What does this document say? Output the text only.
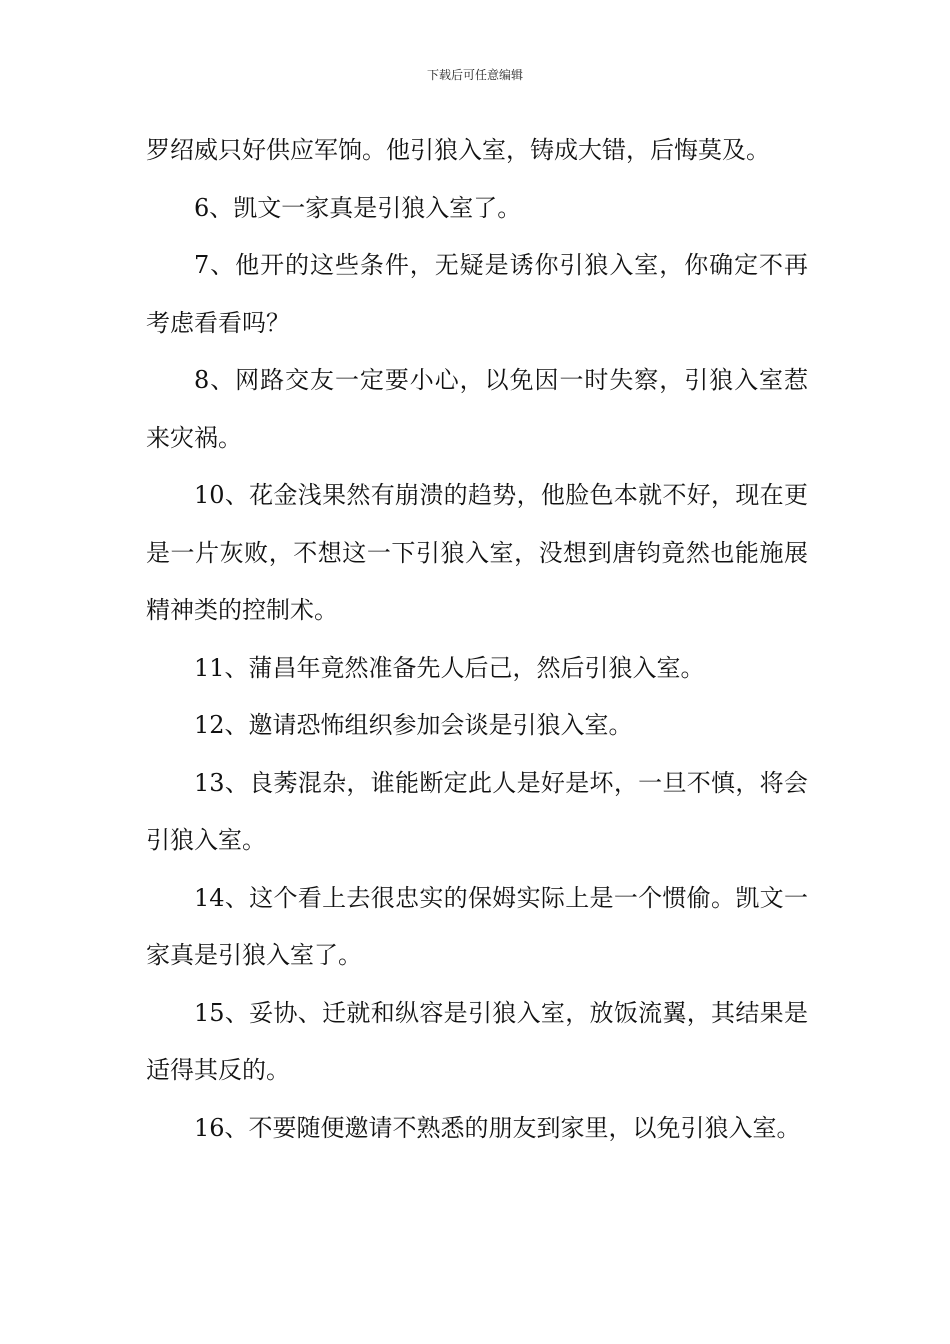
下载后可任意编辑

罗绍威只好供应军饷。他引狼入室，铸成大错，后悔莫及。

6、凯文一家真是引狼入室了。

7、他开的这些条件，无疑是诱你引狼入室，你确定不再考虑看看吗？

8、网路交友一定要小心，以免因一时失察，引狼入室惹来灾祸。

10、花金浅果然有崩溃的趋势，他脸色本就不好，现在更是一片灰败，不想这一下引狼入室，没想到唐钧竟然也能施展精神类的控制术。

11、蒲昌年竟然准备先人后己，然后引狼入室。

12、邀请恐怖组织参加会谈是引狼入室。

13、良莠混杂，谁能断定此人是好是坏，一旦不慎，将会引狼入室。

14、这个看上去很忠实的保姆实际上是一个惯偷。凯文一家真是引狼入室了。

15、妥协、迁就和纵容是引狼入室，放饭流翼，其结果是适得其反的。

16、不要随便邀请不熟悉的朋友到家里，以免引狼入室。
